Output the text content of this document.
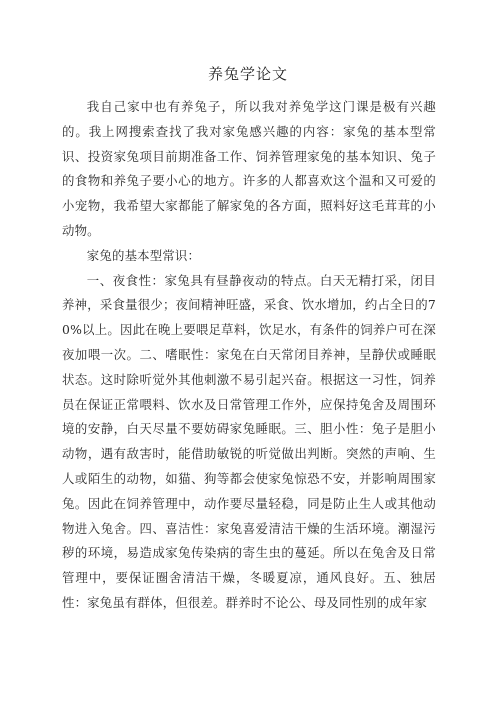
养兔学论文

我自己家中也有养兔子，所以我对养兔学这门课是极有兴趣的。我上网搜索查找了我对家兔感兴趣的内容：家兔的基本型常识、投资家兔项目前期准备工作、饲养管理家兔的基本知识、兔子的食物和养兔子要小心的地方。许多的人都喜欢这个温和又可爱的小宠物，我希望大家都能了解家兔的各方面，照料好这毛茸茸的小动物。

家兔的基本型常识：

一、夜食性：家兔具有昼静夜动的特点。白天无精打采，闭目养神，采食量很少；夜间精神旺盛，采食、饮水增加，约占全日的70%以上。因此在晚上要喂足草料，饮足水，有条件的饲养户可在深夜加喂一次。二、嗜眠性：家兔在白天常闭目养神，呈静伏或睡眠状态。这时除听觉外其他刺激不易引起兴奋。根据这一习性，饲养员在保证正常喂料、饮水及日常管理工作外，应保持兔舍及周围环境的安静，白天尽量不要妨碍家兔睡眠。三、胆小性：兔子是胆小动物，遇有敌害时，能借助敏锐的听觉做出判断。突然的声响、生人或陌生的动物，如猫、狗等都会使家兔惊恐不安，并影响周围家兔。因此在饲养管理中，动作要尽量轻稳，同是防止生人或其他动物进入兔舍。四、喜洁性：家兔喜爱清洁干燥的生活环境。潮湿污秽的环境，易造成家兔传染病的寄生虫的蔓延。所以在兔舍及日常管理中，要保证圈舍清洁干燥，冬暖夏凉，通风良好。五、独居性：家兔虽有群体，但很差。群养时不论公、母及同性别的成年家
